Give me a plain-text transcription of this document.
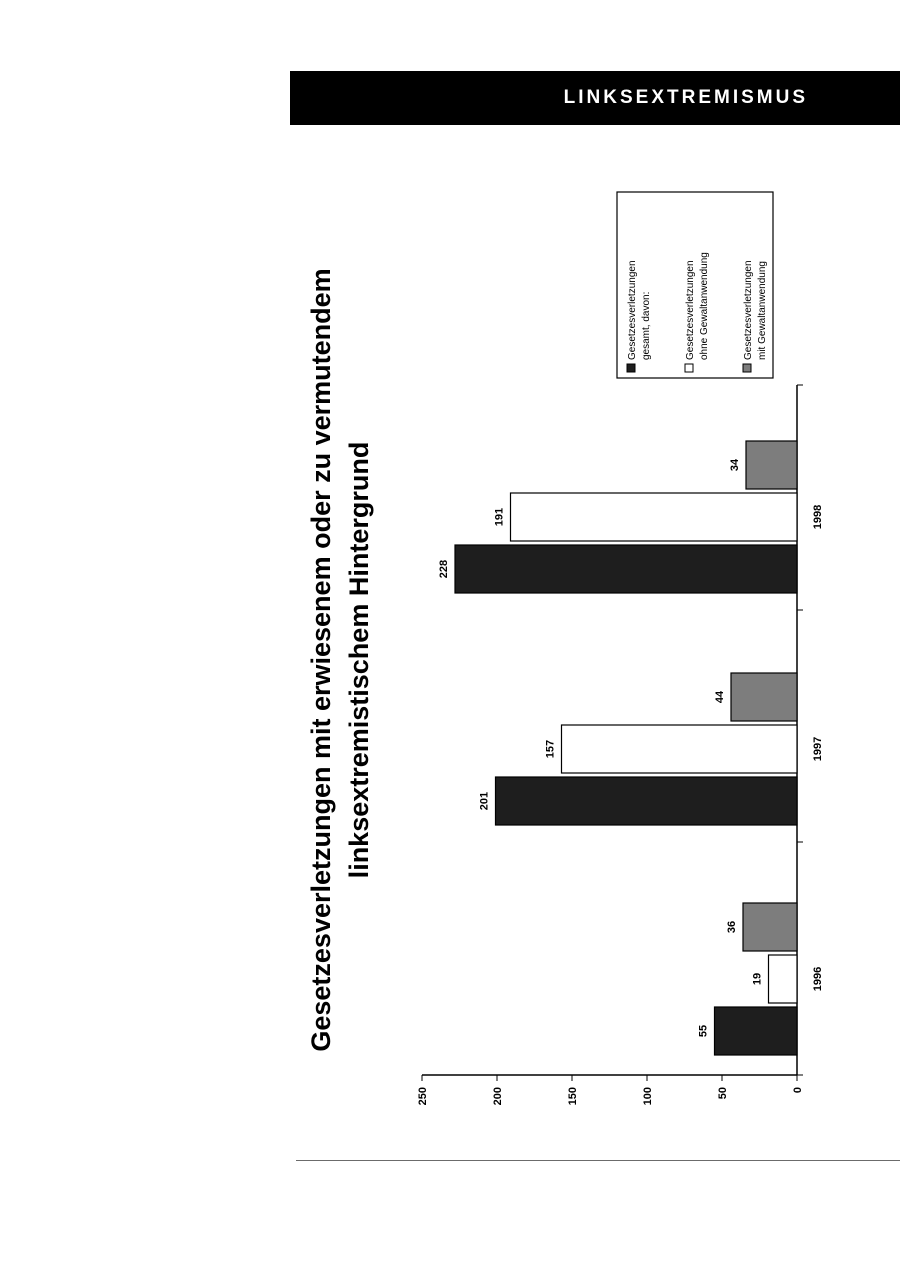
LINKSEXTREMISMUS
Gesetzesverletzungen mit erwiesenem oder zu vermutendem linksextremistischem Hintergrund
0
50
100
150
200
250
55
19
36
1996
201
157
44
1997
228
191
34
1998
Gesetzesverletzungen gesamt, davon:	Gesetzesverletzungen ohne Gewaltanwendung	Gesetzesverletzungen mit Gewaltanwendung
